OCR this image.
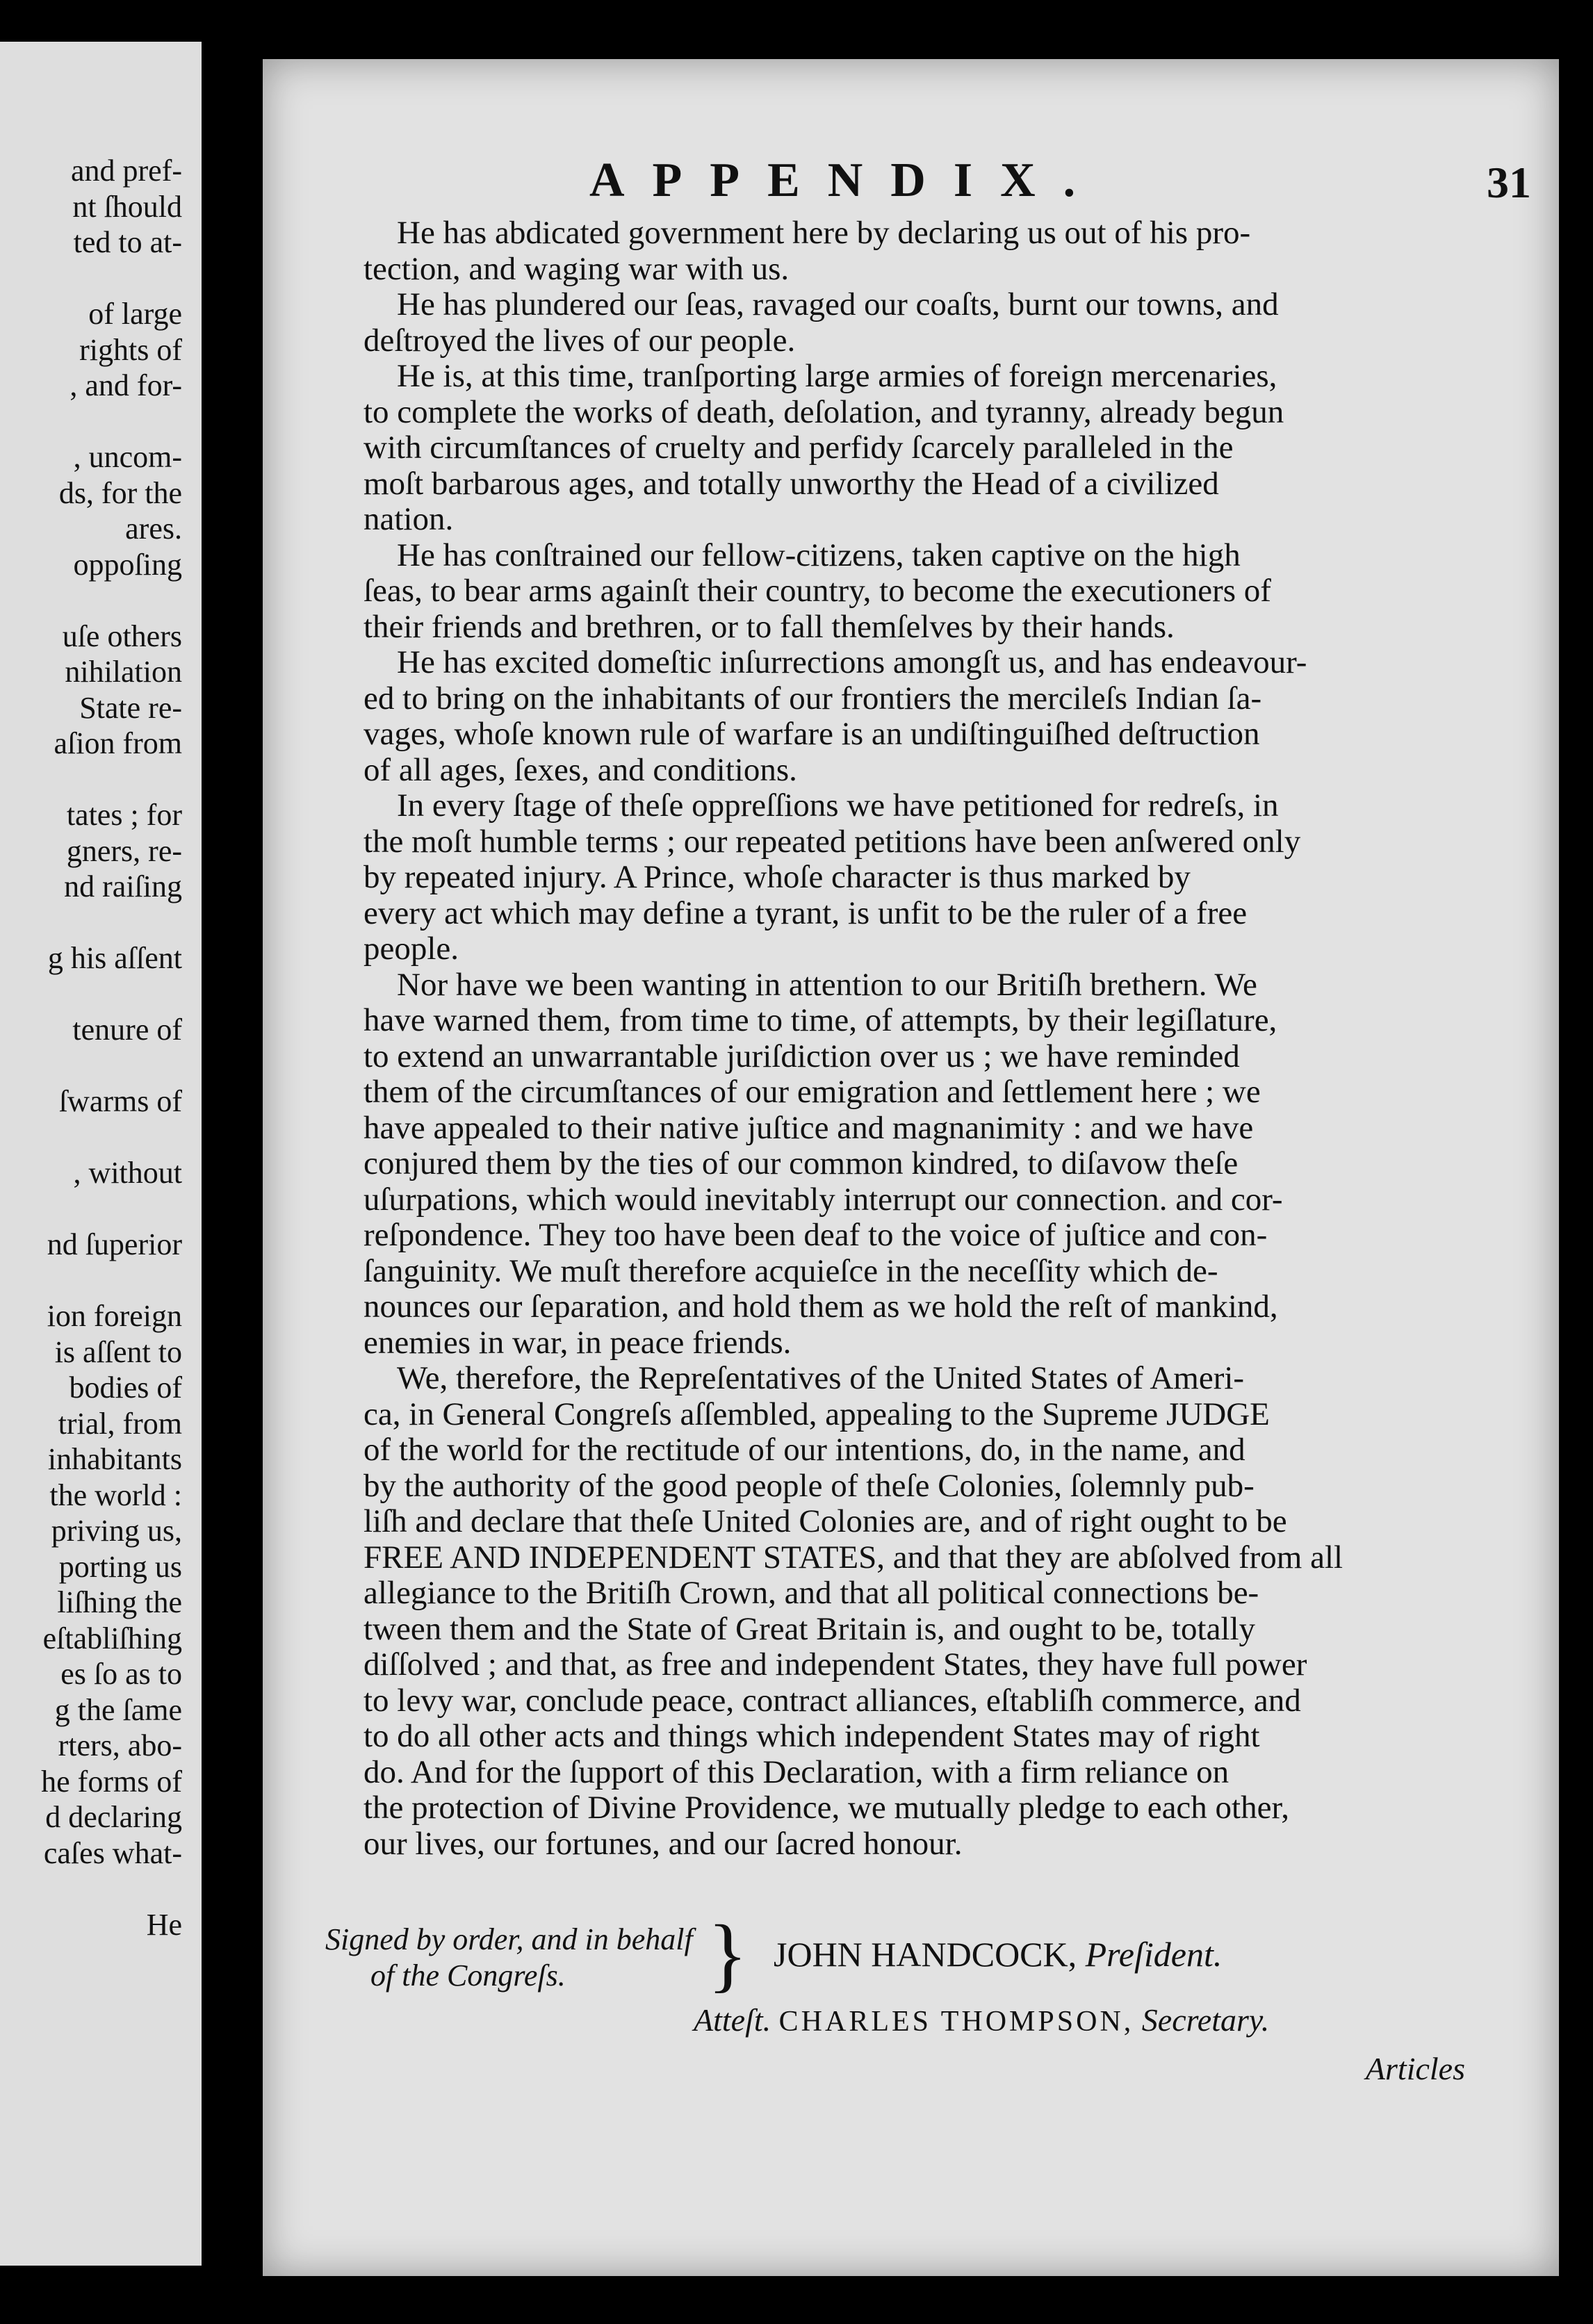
and pref-
nt ſhould
ted to at-
of large
rights of
, and for-
, uncom-
ds, for the
ares.
oppoſing
uſe others
nihilation
State re-
aſion from
tates ; for
gners, re-
nd raiſing
g his aſſent
tenure of
ſwarms of
, without
nd ſuperior
ion foreign
is aſſent to
bodies of
trial, from
inhabitants
the world :
priving us,
porting us
liſhing the
eſtabliſhing
es ſo as to
g the ſame
rters, abo-
he forms of
d declaring
caſes what-
He
APPENDIX.	31
He has abdicated government here by declaring us out of his pro-
tection, and waging war with us.
He has plundered our ſeas, ravaged our coaſts, burnt our towns, and
deſtroyed the lives of our people.
He is, at this time, tranſporting large armies of foreign mercenaries,
to complete the works of death, deſolation, and tyranny, already begun
with circumſtances of cruelty and perfidy ſcarcely paralleled in the
moſt barbarous ages, and totally unworthy the Head of a civilized
nation.
He has conſtrained our fellow-citizens, taken captive on the high
ſeas, to bear arms againſt their country, to become the executioners of
their friends and brethren, or to fall themſelves by their hands.
He has excited domeſtic inſurrections amongſt us, and has endeavour-
ed to bring on the inhabitants of our frontiers the mercileſs Indian ſa-
vages, whoſe known rule of warfare is an undiſtinguiſhed deſtruction
of all ages, ſexes, and conditions.
In every ſtage of theſe oppreſſions we have petitioned for redreſs, in
the moſt humble terms ; our repeated petitions have been anſwered only
by repeated injury. A Prince, whoſe character is thus marked by
every act which may define a tyrant, is unfit to be the ruler of a free
people.
Nor have we been wanting in attention to our Britiſh brethern. We
have warned them, from time to time, of attempts, by their legiſlature,
to extend an unwarrantable juriſdiction over us ; we have reminded
them of the circumſtances of our emigration and ſettlement here ; we
have appealed to their native juſtice and magnanimity : and we have
conjured them by the ties of our common kindred, to diſavow theſe
uſurpations, which would inevitably interrupt our connection. and cor-
reſpondence. They too have been deaf to the voice of juſtice and con-
ſanguinity. We muſt therefore acquieſce in the neceſſity which de-
nounces our ſeparation, and hold them as we hold the reſt of mankind,
enemies in war, in peace friends.
We, therefore, the Repreſentatives of the United States of Ameri-
ca, in General Congreſs aſſembled, appealing to the Supreme JUDGE
of the world for the rectitude of our intentions, do, in the name, and
by the authority of the good people of theſe Colonies, ſolemnly pub-
liſh and declare that theſe United Colonies are, and of right ought to be
FREE AND INDEPENDENT STATES, and that they are abſolved from all
allegiance to the Britiſh Crown, and that all political connections be-
tween them and the State of Great Britain is, and ought to be, totally
diſſolved ; and that, as free and independent States, they have full power
to levy war, conclude peace, contract alliances, eſtabliſh commerce, and
to do all other acts and things which independent States may of right
do. And for the ſupport of this Declaration, with a firm reliance on
the protection of Divine Providence, we mutually pledge to each other,
our lives, our fortunes, and our ſacred honour.
Signed by order, and in behalf
of the Congreſs. } JOHN HANDCOCK, Preſident.
Atteſt. CHARLES THOMPSON, Secretary.
Articles
